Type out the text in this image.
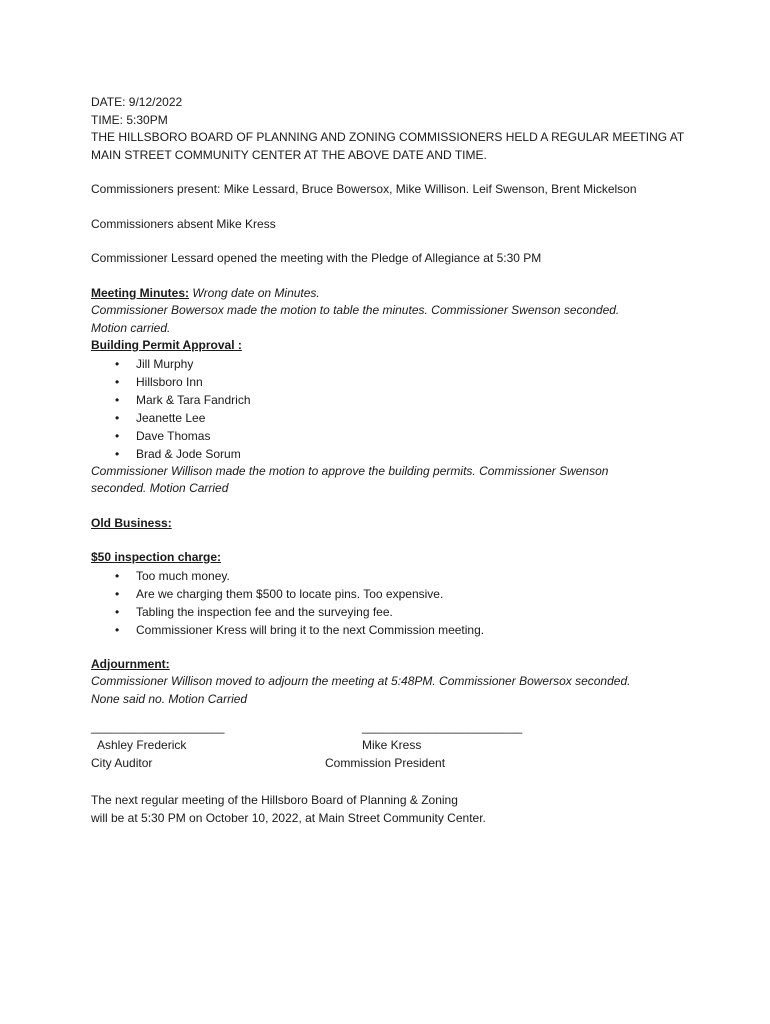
DATE: 9/12/2022
TIME: 5:30PM
THE HILLSBORO BOARD OF PLANNING AND ZONING COMMISSIONERS HELD A REGULAR MEETING AT
MAIN STREET COMMUNITY CENTER AT THE ABOVE DATE AND TIME.
Commissioners present: Mike Lessard, Bruce Bowersox, Mike Willison. Leif Swenson, Brent Mickelson
Commissioners absent Mike Kress
Commissioner Lessard opened the meeting with the Pledge of Allegiance at 5:30 PM
Meeting Minutes: Wrong date on Minutes.
Commissioner Bowersox made the motion to table the minutes. Commissioner Swenson seconded.
Motion carried.
Building Permit Approval :
• Jill Murphy
• Hillsboro Inn
• Mark & Tara Fandrich
• Jeanette Lee
• Dave Thomas
• Brad & Jode Sorum
Commissioner Willison made the motion to approve the building permits. Commissioner Swenson
seconded. Motion Carried
Old Business:
$50 inspection charge:
• Too much money.
• Are we charging them $500 to locate pins. Too expensive.
• Tabling the inspection fee and the surveying fee.
• Commissioner Kress will bring it to the next Commission meeting.
Adjournment:
Commissioner Willison moved to adjourn the meeting at 5:48PM. Commissioner Bowersox seconded.
None said no. Motion Carried
____________________	________________________
Ashley Frederick	Mike Kress
City Auditor	Commission President
The next regular meeting of the Hillsboro Board of Planning & Zoning
will be at 5:30 PM on October 10, 2022, at Main Street Community Center.
